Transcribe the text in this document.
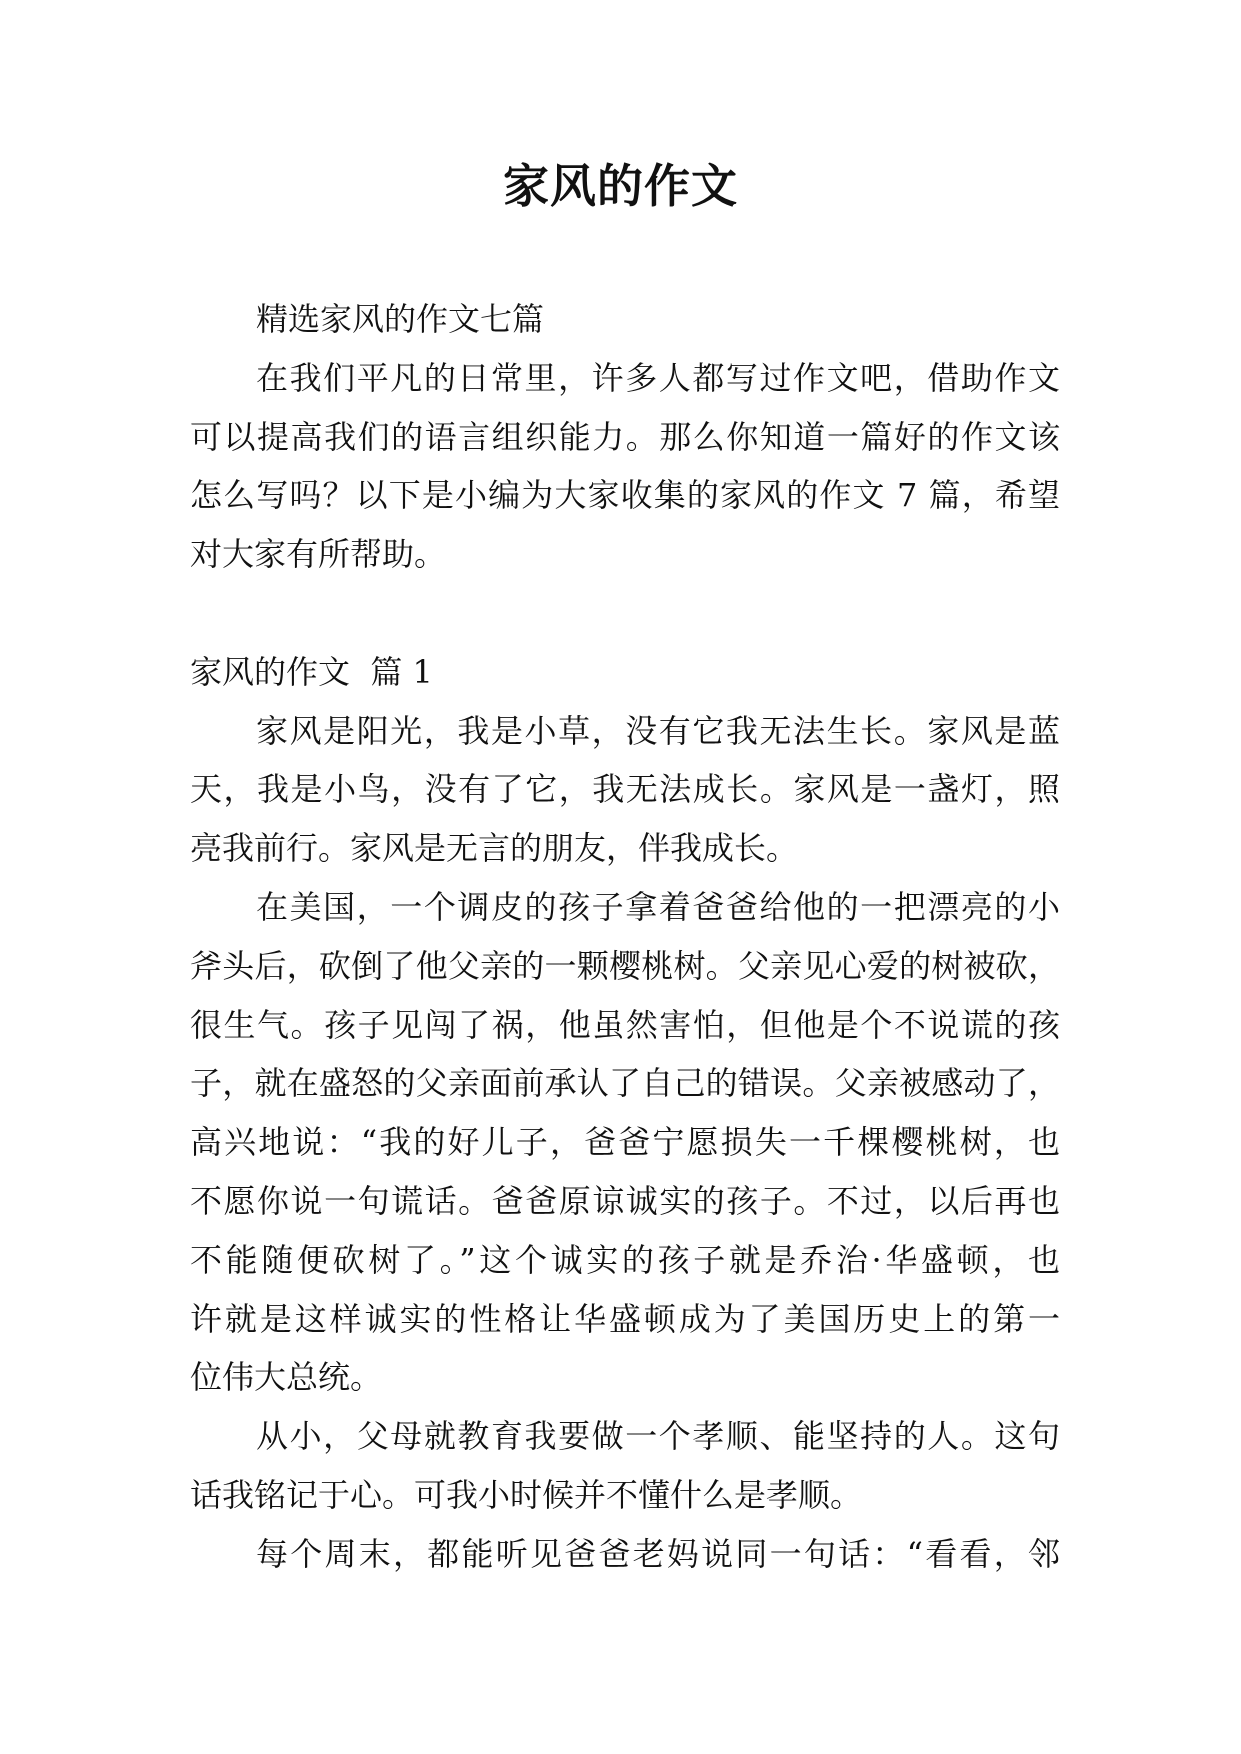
家风的作文
精选家风的作文七篇
在我们平凡的日常里，许多人都写过作文吧，借助作文
可以提高我们的语言组织能力。那么你知道一篇好的作文该
怎么写吗？以下是小编为大家收集的家风的作文 7 篇，希望
对大家有所帮助。
家风的作文  篇 1
家风是阳光，我是小草，没有它我无法生长。家风是蓝
天，我是小鸟，没有了它，我无法成长。家风是一盏灯，照
亮我前行。家风是无言的朋友，伴我成长。
在美国，一个调皮的孩子拿着爸爸给他的一把漂亮的小
斧头后，砍倒了他父亲的一颗樱桃树。父亲见心爱的树被砍，
很生气。孩子见闯了祸，他虽然害怕，但他是个不说谎的孩
子，就在盛怒的父亲面前承认了自己的错误。父亲被感动了，
高兴地说：“我的好儿子，爸爸宁愿损失一千棵樱桃树，也
不愿你说一句谎话。爸爸原谅诚实的孩子。不过，以后再也
不能随便砍树了。”这个诚实的孩子就是乔治·华盛顿，也
许就是这样诚实的性格让华盛顿成为了美国历史上的第一
位伟大总统。
从小，父母就教育我要做一个孝顺、能坚持的人。这句
话我铭记于心。可我小时候并不懂什么是孝顺。
每个周末，都能听见爸爸老妈说同一句话：“看看，邻
